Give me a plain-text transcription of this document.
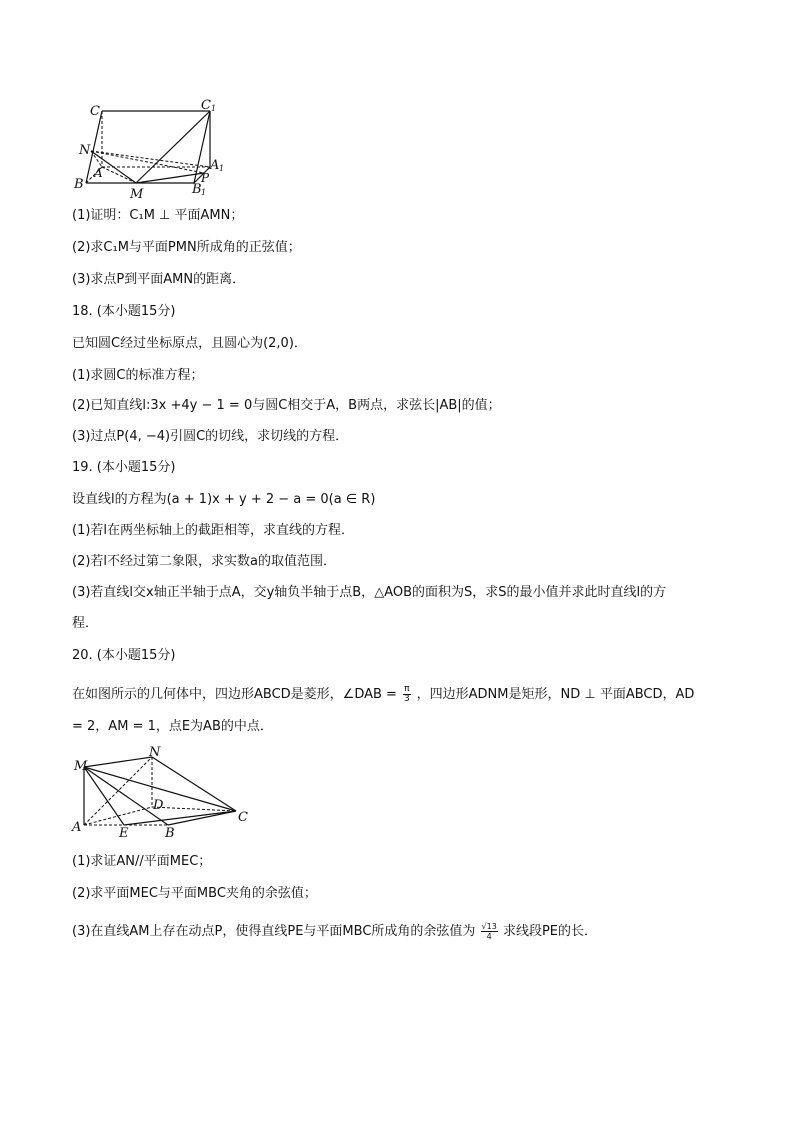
C	C 1
N
A	A 1
B
M	B 1
P
(1)证明：C₁M ⊥ 平面AMN；
(2)求C₁M与平面PMN所成角的正弦值；
(3)求点P到平面AMN的距离．
18. (本小题15分)
已知圆C经过坐标原点，且圆心为(2,0)．
(1)求圆C的标准方程；
(2)已知直线l:3x +4y − 1 = 0与圆C相交于A，B两点，求弦长|AB|的值；
(3)过点P(4, −4)引圆C的切线，求切线的方程．
19. (本小题15分)
设直线l的方程为(a + 1)x + y + 2 − a = 0(a ∈ R)
(1)若l在两坐标轴上的截距相等，求直线的方程．
(2)若l不经过第二象限，求实数a的取值范围．
(3)若直线l交x轴正半轴于点A，交y轴负半轴于点B，△AOB的面积为S，求S的最小值并求此时直线l的方
程．
20. (本小题15分)
在如图所示的几何体中，四边形ABCD是菱形，∠DAB = $\frac{\pi}{3}$ ，四边形ADNM是矩形，ND ⊥ 平面ABCD，AD
= 2，AM = 1，点E为AB的中点．
M
N
D
A	E	B
C
(1)求证AN//平面MEC；
(2)求平面MEC与平面MBC夹角的余弦值；
(3)在直线AM上存在动点P，使得直线PE与平面MBC所成角的余弦值为 $\frac{√13}{4}$ 求线段PE的长．
